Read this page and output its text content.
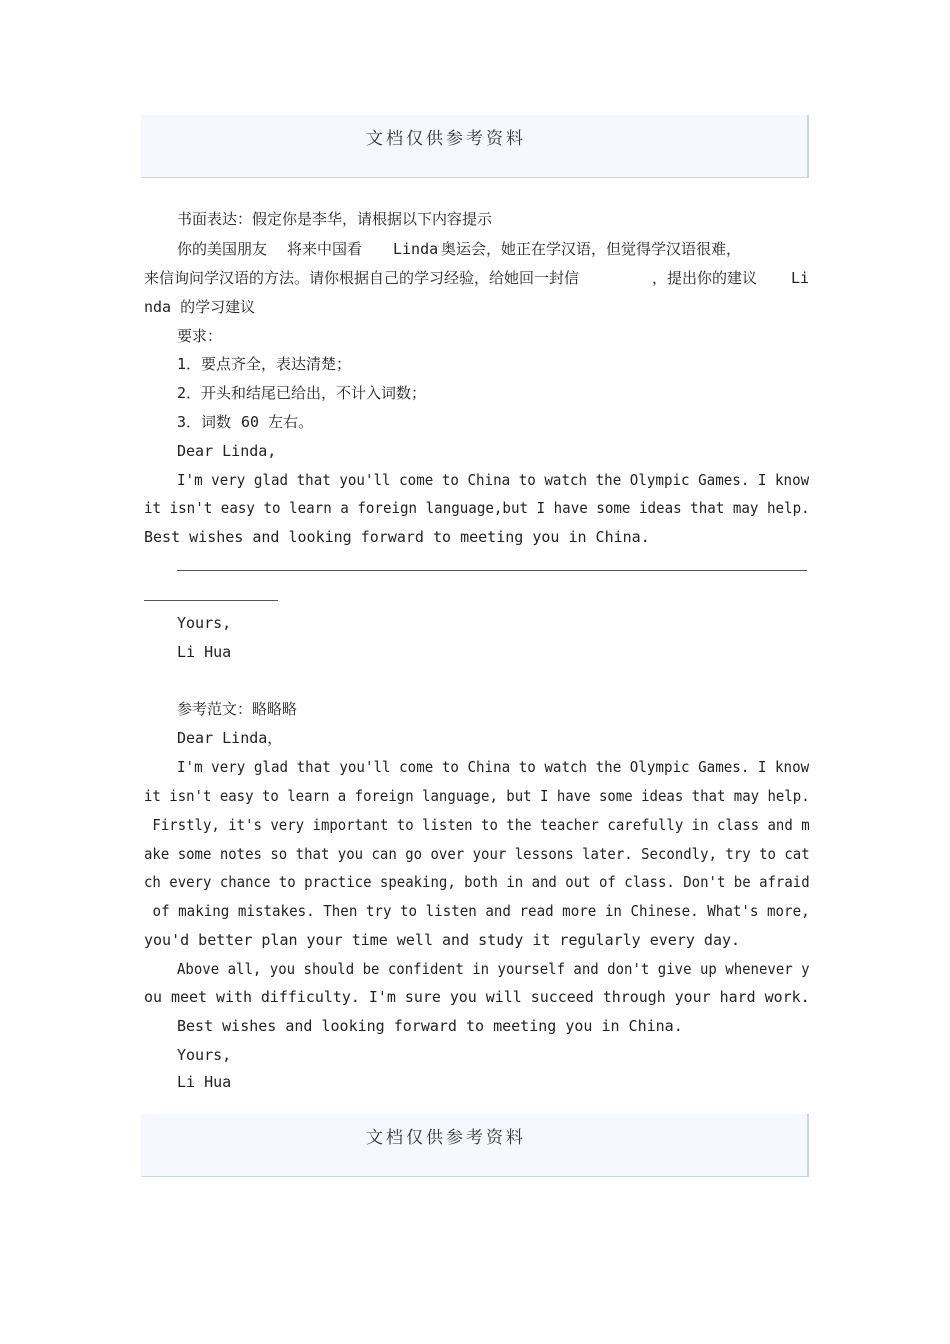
文档仅供参考资料
书面表达：假定你是李华，请根据以下内容提示
你的美国朋友 将来中国看 Linda 奥运会，她正在学汉语，但觉得学汉语很难，
来信询问学汉语的方法。请你根据自己的学习经验，给她回一封信	，提出你的建议 Li
nda 的学习建议
要求：
1．要点齐全，表达清楚；
2．开头和结尾已给出，不计入词数；
3．词数 60 左右。
Dear Linda,
I'm very glad that you'll come to China to watch the Olympic Games. I know
it isn't easy to learn a foreign language,but I have some ideas that may help.
Best wishes and looking forward to meeting you in China.
Yours,
Li Hua
参考范文：略略略
Dear Linda，
I'm very glad that you'll come to China to watch the Olympic Games. I know
it isn't easy to learn a foreign language, but I have some ideas that may help.
Firstly, it's very important to listen to the teacher carefully in class and m
ake some notes so that you can go over your lessons later. Secondly, try to cat
ch every chance to practice speaking, both in and out of class. Don't be afraid
of making mistakes. Then try to listen and read more in Chinese. What's more,
you'd better plan your time well and study it regularly every day.
Above all, you should be confident in yourself and don't give up whenever y
ou meet with difficulty. I'm sure you will succeed through your hard work.
Best wishes and looking forward to meeting you in China.
Yours,
Li Hua
文档仅供参考资料
